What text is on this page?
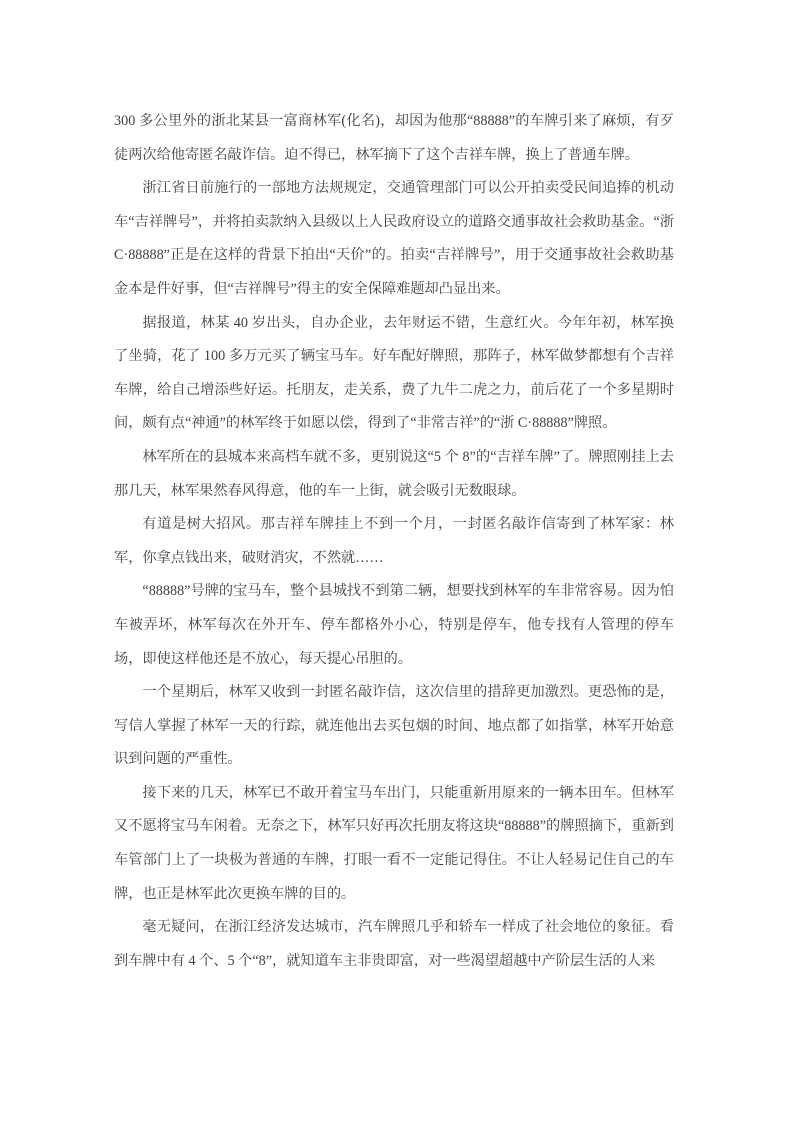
300 多公里外的浙北某县一富商林军(化名)，却因为他那“88888”的车牌引来了麻烦，有歹徒两次给他寄匿名敲诈信。迫不得已，林军摘下了这个吉祥车牌，换上了普通车牌。

浙江省日前施行的一部地方法规规定，交通管理部门可以公开拍卖受民间追捧的机动车“吉祥牌号”，并将拍卖款纳入县级以上人民政府设立的道路交通事故社会救助基金。“浙 C·88888”正是在这样的背景下拍出“天价”的。拍卖“吉祥牌号”，用于交通事故社会救助基金本是件好事，但“吉祥牌号”得主的安全保障难题却凸显出来。

据报道，林某 40 岁出头，自办企业，去年财运不错，生意红火。今年年初，林军换了坐骑，花了 100 多万元买了辆宝马车。好车配好牌照，那阵子，林军做梦都想有个吉祥车牌，给自己增添些好运。托朋友，走关系，费了九牛二虎之力，前后花了一个多星期时间，颇有点“神通”的林军终于如愿以偿，得到了“非常吉祥”的“浙 C·88888”牌照。

林军所在的县城本来高档车就不多，更别说这“5 个 8”的“吉祥车牌”了。牌照刚挂上去那几天，林军果然春风得意，他的车一上街，就会吸引无数眼球。

有道是树大招风。那吉祥车牌挂上不到一个月，一封匿名敲诈信寄到了林军家：林军，你拿点钱出来，破财消灾，不然就……

“88888”号牌的宝马车，整个县城找不到第二辆，想要找到林军的车非常容易。因为怕车被弄坏，林军每次在外开车、停车都格外小心，特别是停车，他专找有人管理的停车场，即使这样他还是不放心，每天提心吊胆的。

一个星期后，林军又收到一封匿名敲诈信，这次信里的措辞更加激烈。更恐怖的是，写信人掌握了林军一天的行踪，就连他出去买包烟的时间、地点都了如指掌，林军开始意识到问题的严重性。

接下来的几天，林军已不敢开着宝马车出门，只能重新用原来的一辆本田车。但林军又不愿将宝马车闲着。无奈之下，林军只好再次托朋友将这块“88888”的牌照摘下，重新到车管部门上了一块极为普通的车牌，打眼一看不一定能记得住。不让人轻易记住自己的车牌，也正是林军此次更换车牌的目的。

毫无疑问，在浙江经济发达城市，汽车牌照几乎和轿车一样成了社会地位的象征。看到车牌中有 4 个、5 个“8”，就知道车主非贵即富，对一些渴望超越中产阶层生活的人来
